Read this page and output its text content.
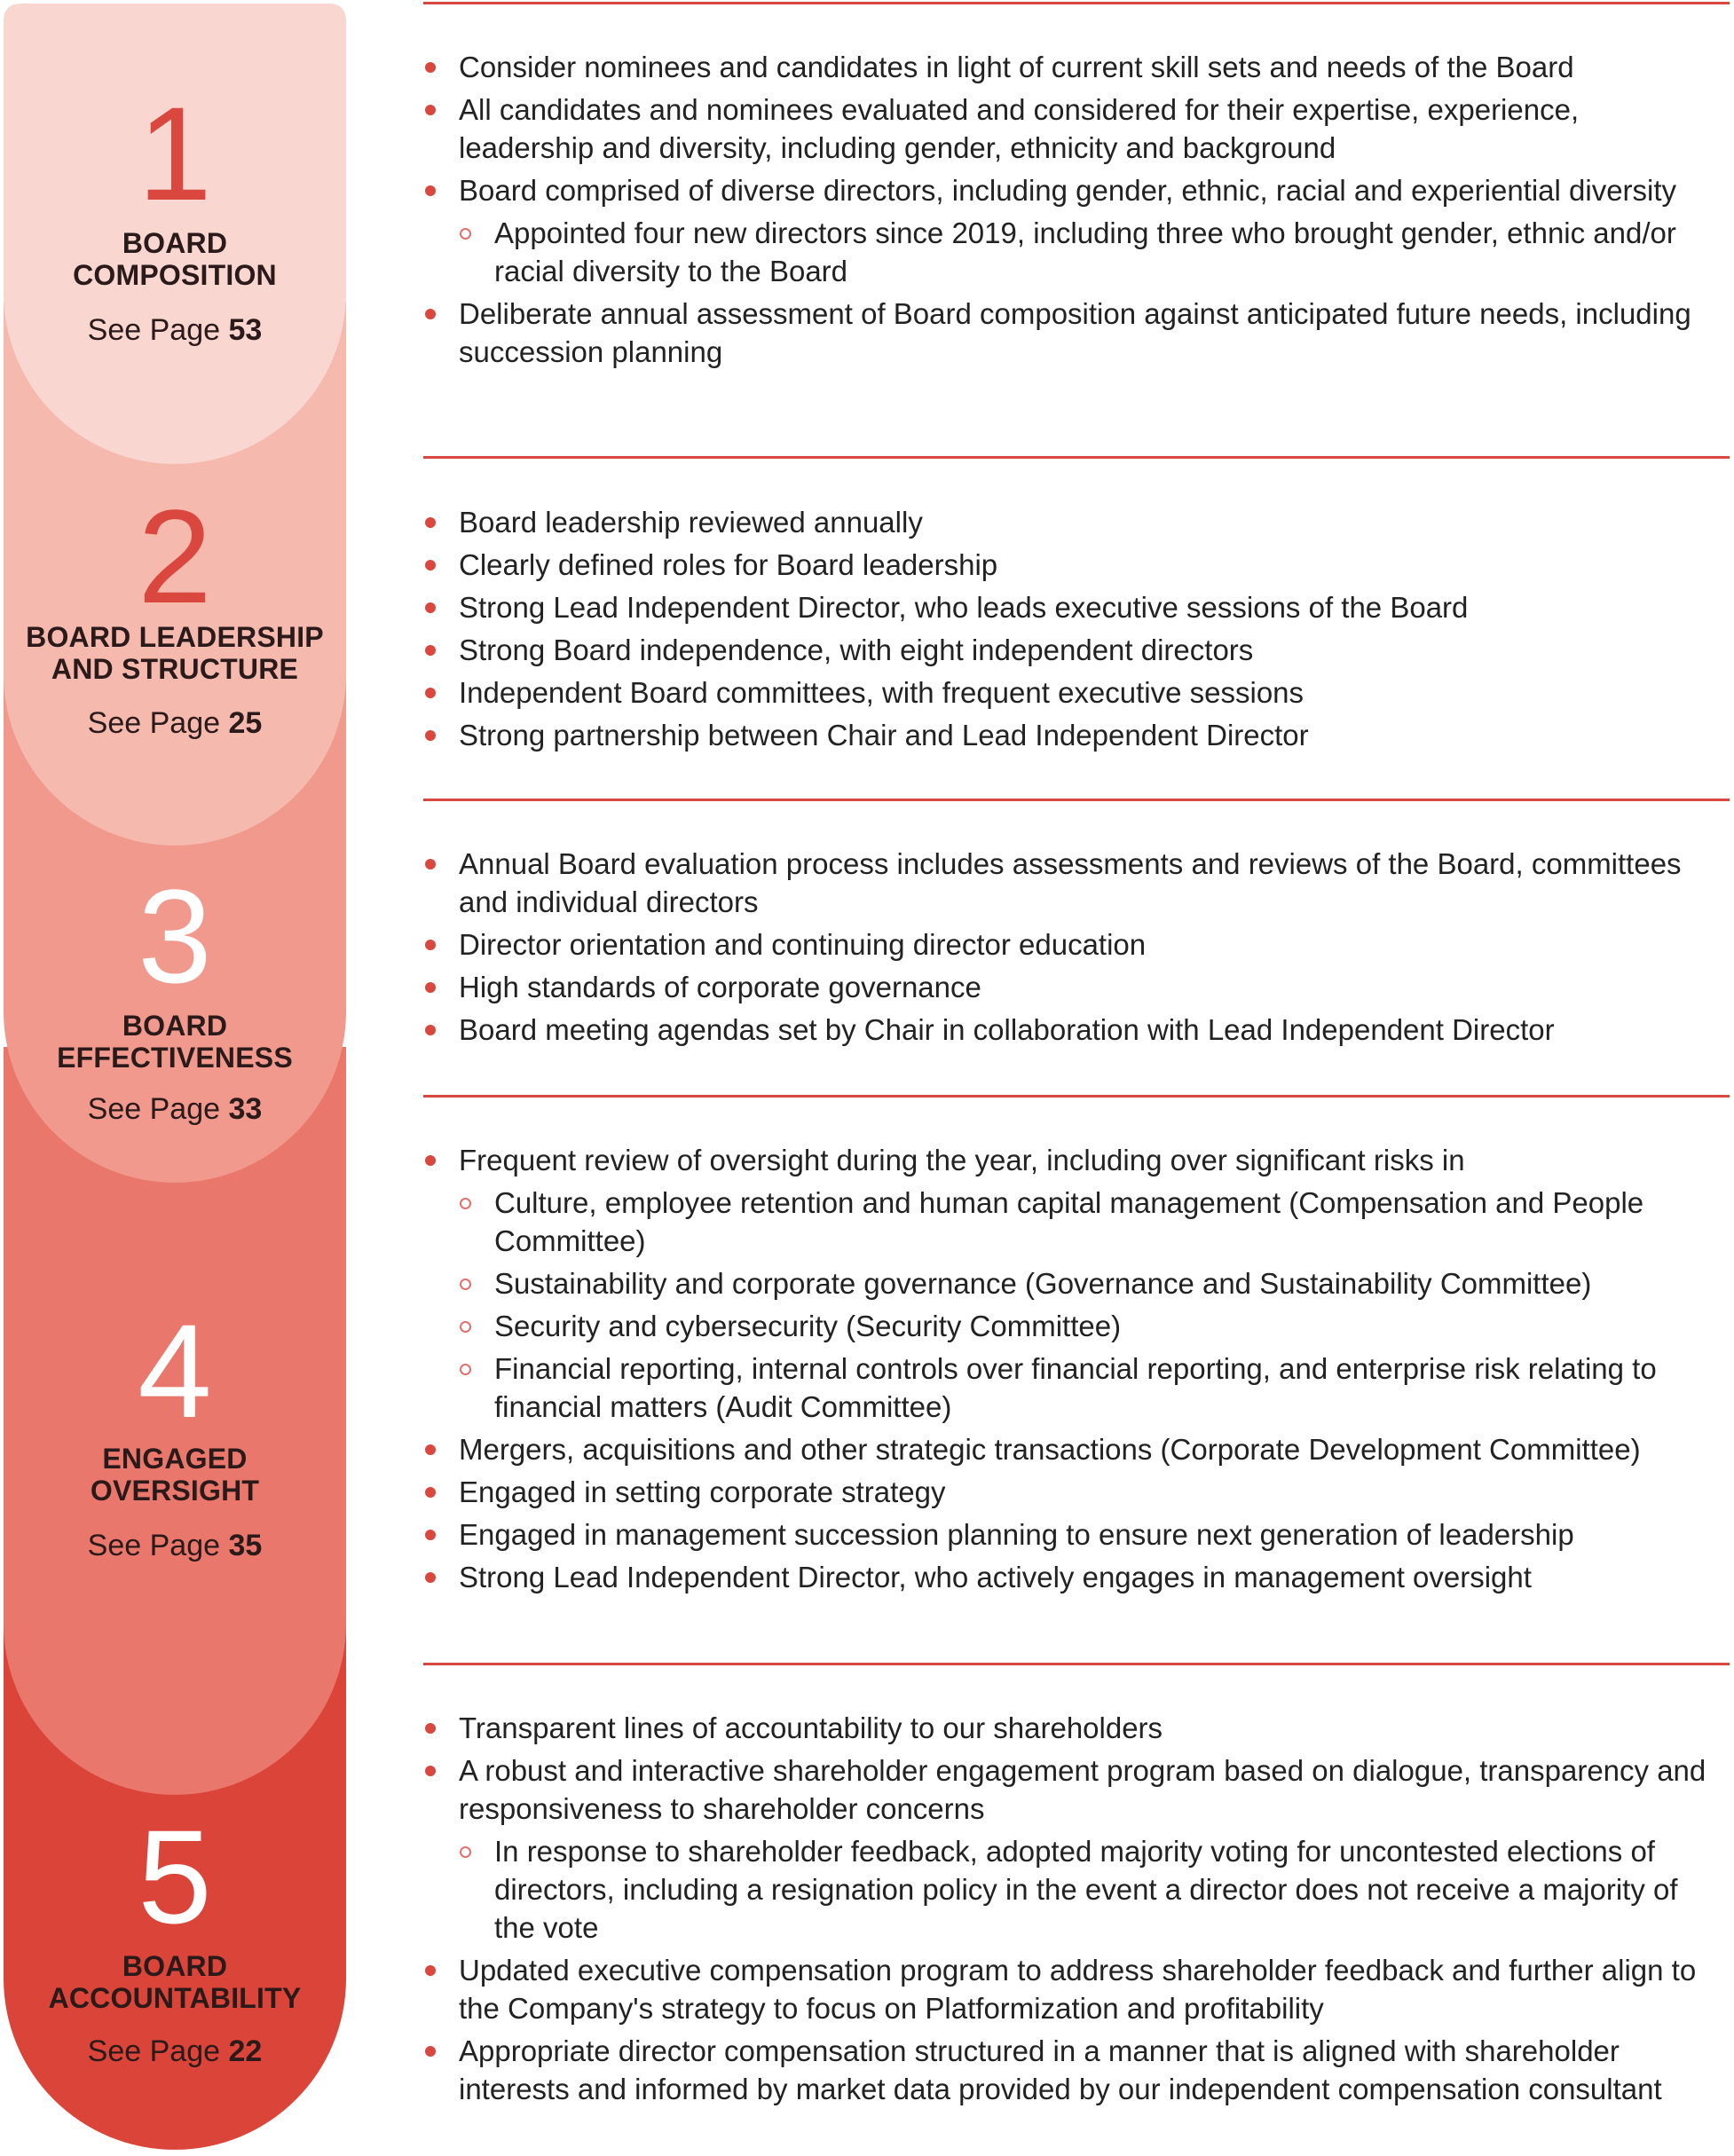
1
BOARD
COMPOSITION
See Page 53
2
BOARD LEADERSHIP
AND STRUCTURE
See Page 25
3
BOARD
EFFECTIVENESS
See Page 33
4
ENGAGED
OVERSIGHT
See Page 35
5
BOARD
ACCOUNTABILITY
See Page 22
Consider nominees and candidates in light of current skill sets and needs of the Board
All candidates and nominees evaluated and considered for their expertise, experience, leadership and diversity, including gender, ethnicity and background
Board comprised of diverse directors, including gender, ethnic, racial and experiential diversity
Appointed four new directors since 2019, including three who brought gender, ethnic and/or racial diversity to the Board
Deliberate annual assessment of Board composition against anticipated future needs, including succession planning
Board leadership reviewed annually
Clearly defined roles for Board leadership
Strong Lead Independent Director, who leads executive sessions of the Board
Strong Board independence, with eight independent directors
Independent Board committees, with frequent executive sessions
Strong partnership between Chair and Lead Independent Director
Annual Board evaluation process includes assessments and reviews of the Board, committees and individual directors
Director orientation and continuing director education
High standards of corporate governance
Board meeting agendas set by Chair in collaboration with Lead Independent Director
Frequent review of oversight during the year, including over significant risks in
Culture, employee retention and human capital management (Compensation and People Committee)
Sustainability and corporate governance (Governance and Sustainability Committee)
Security and cybersecurity (Security Committee)
Financial reporting, internal controls over financial reporting, and enterprise risk relating to financial matters (Audit Committee)
Mergers, acquisitions and other strategic transactions (Corporate Development Committee)
Engaged in setting corporate strategy
Engaged in management succession planning to ensure next generation of leadership
Strong Lead Independent Director, who actively engages in management oversight
Transparent lines of accountability to our shareholders
A robust and interactive shareholder engagement program based on dialogue, transparency and responsiveness to shareholder concerns
In response to shareholder feedback, adopted majority voting for uncontested elections of directors, including a resignation policy in the event a director does not receive a majority of the vote
Updated executive compensation program to address shareholder feedback and further align to the Company's strategy to focus on Platformization and profitability
Appropriate director compensation structured in a manner that is aligned with shareholder interests and informed by market data provided by our independent compensation consultant
